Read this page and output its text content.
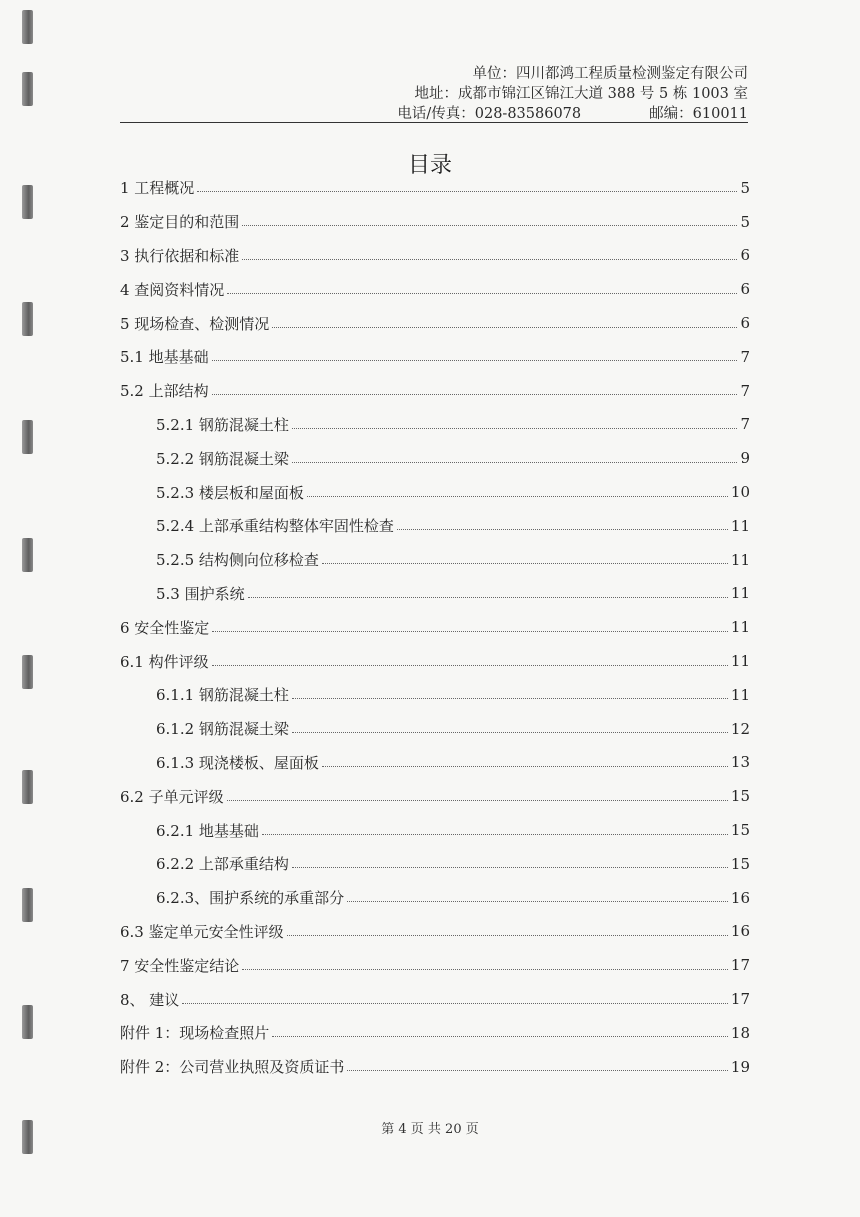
单位：四川都鸿工程质量检测鉴定有限公司
地址：成都市锦江区锦江大道 388 号 5 栋 1003 室
电话/传真：028-83586078	邮编：610011
目录
1 工程概况	5
2 鉴定目的和范围	5
3 执行依据和标准	6
4 查阅资料情况	6
5 现场检查、检测情况	6
5.1 地基基础	7
5.2 上部结构	7
5.2.1 钢筋混凝土柱	7
5.2.2 钢筋混凝土梁	9
5.2.3 楼层板和屋面板	10
5.2.4 上部承重结构整体牢固性检查	11
5.2.5 结构侧向位移检查	11
5.3 围护系统	11
6 安全性鉴定	11
6.1 构件评级	11
6.1.1 钢筋混凝土柱	11
6.1.2 钢筋混凝土梁	12
6.1.3 现浇楼板、屋面板	13
6.2 子单元评级	15
6.2.1 地基基础	15
6.2.2 上部承重结构	15
6.2.3、围护系统的承重部分	16
6.3 鉴定单元安全性评级	16
7 安全性鉴定结论	17
8、 建议	17
附件 1：现场检查照片	18
附件 2：公司营业执照及资质证书	19
第 4 页 共 20 页
